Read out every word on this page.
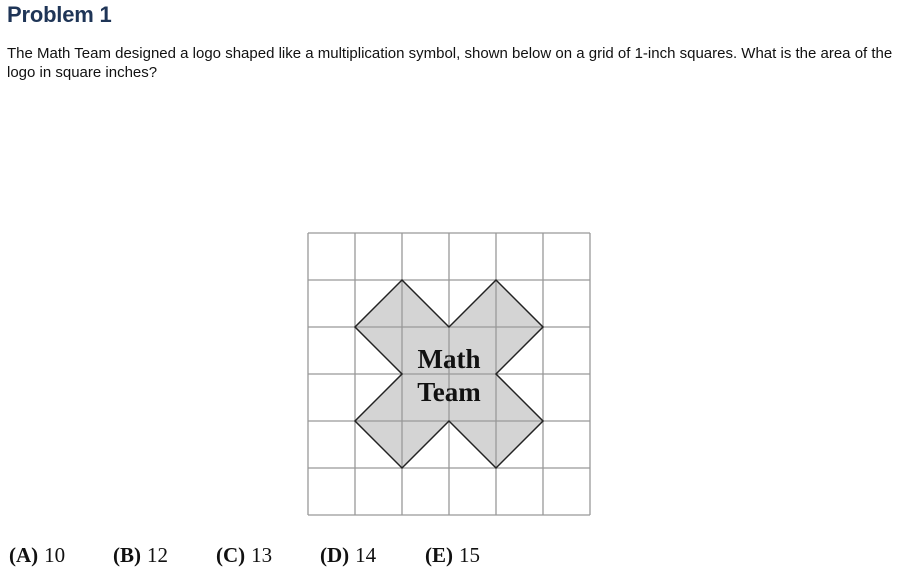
Problem 1

The Math Team designed a logo shaped like a multiplication symbol, shown below on a grid of 1-inch squares. What is the area of the logo in square inches?

Math
Team
(A) 10 (B) 12 (C) 13 (D) 14 (E) 15
